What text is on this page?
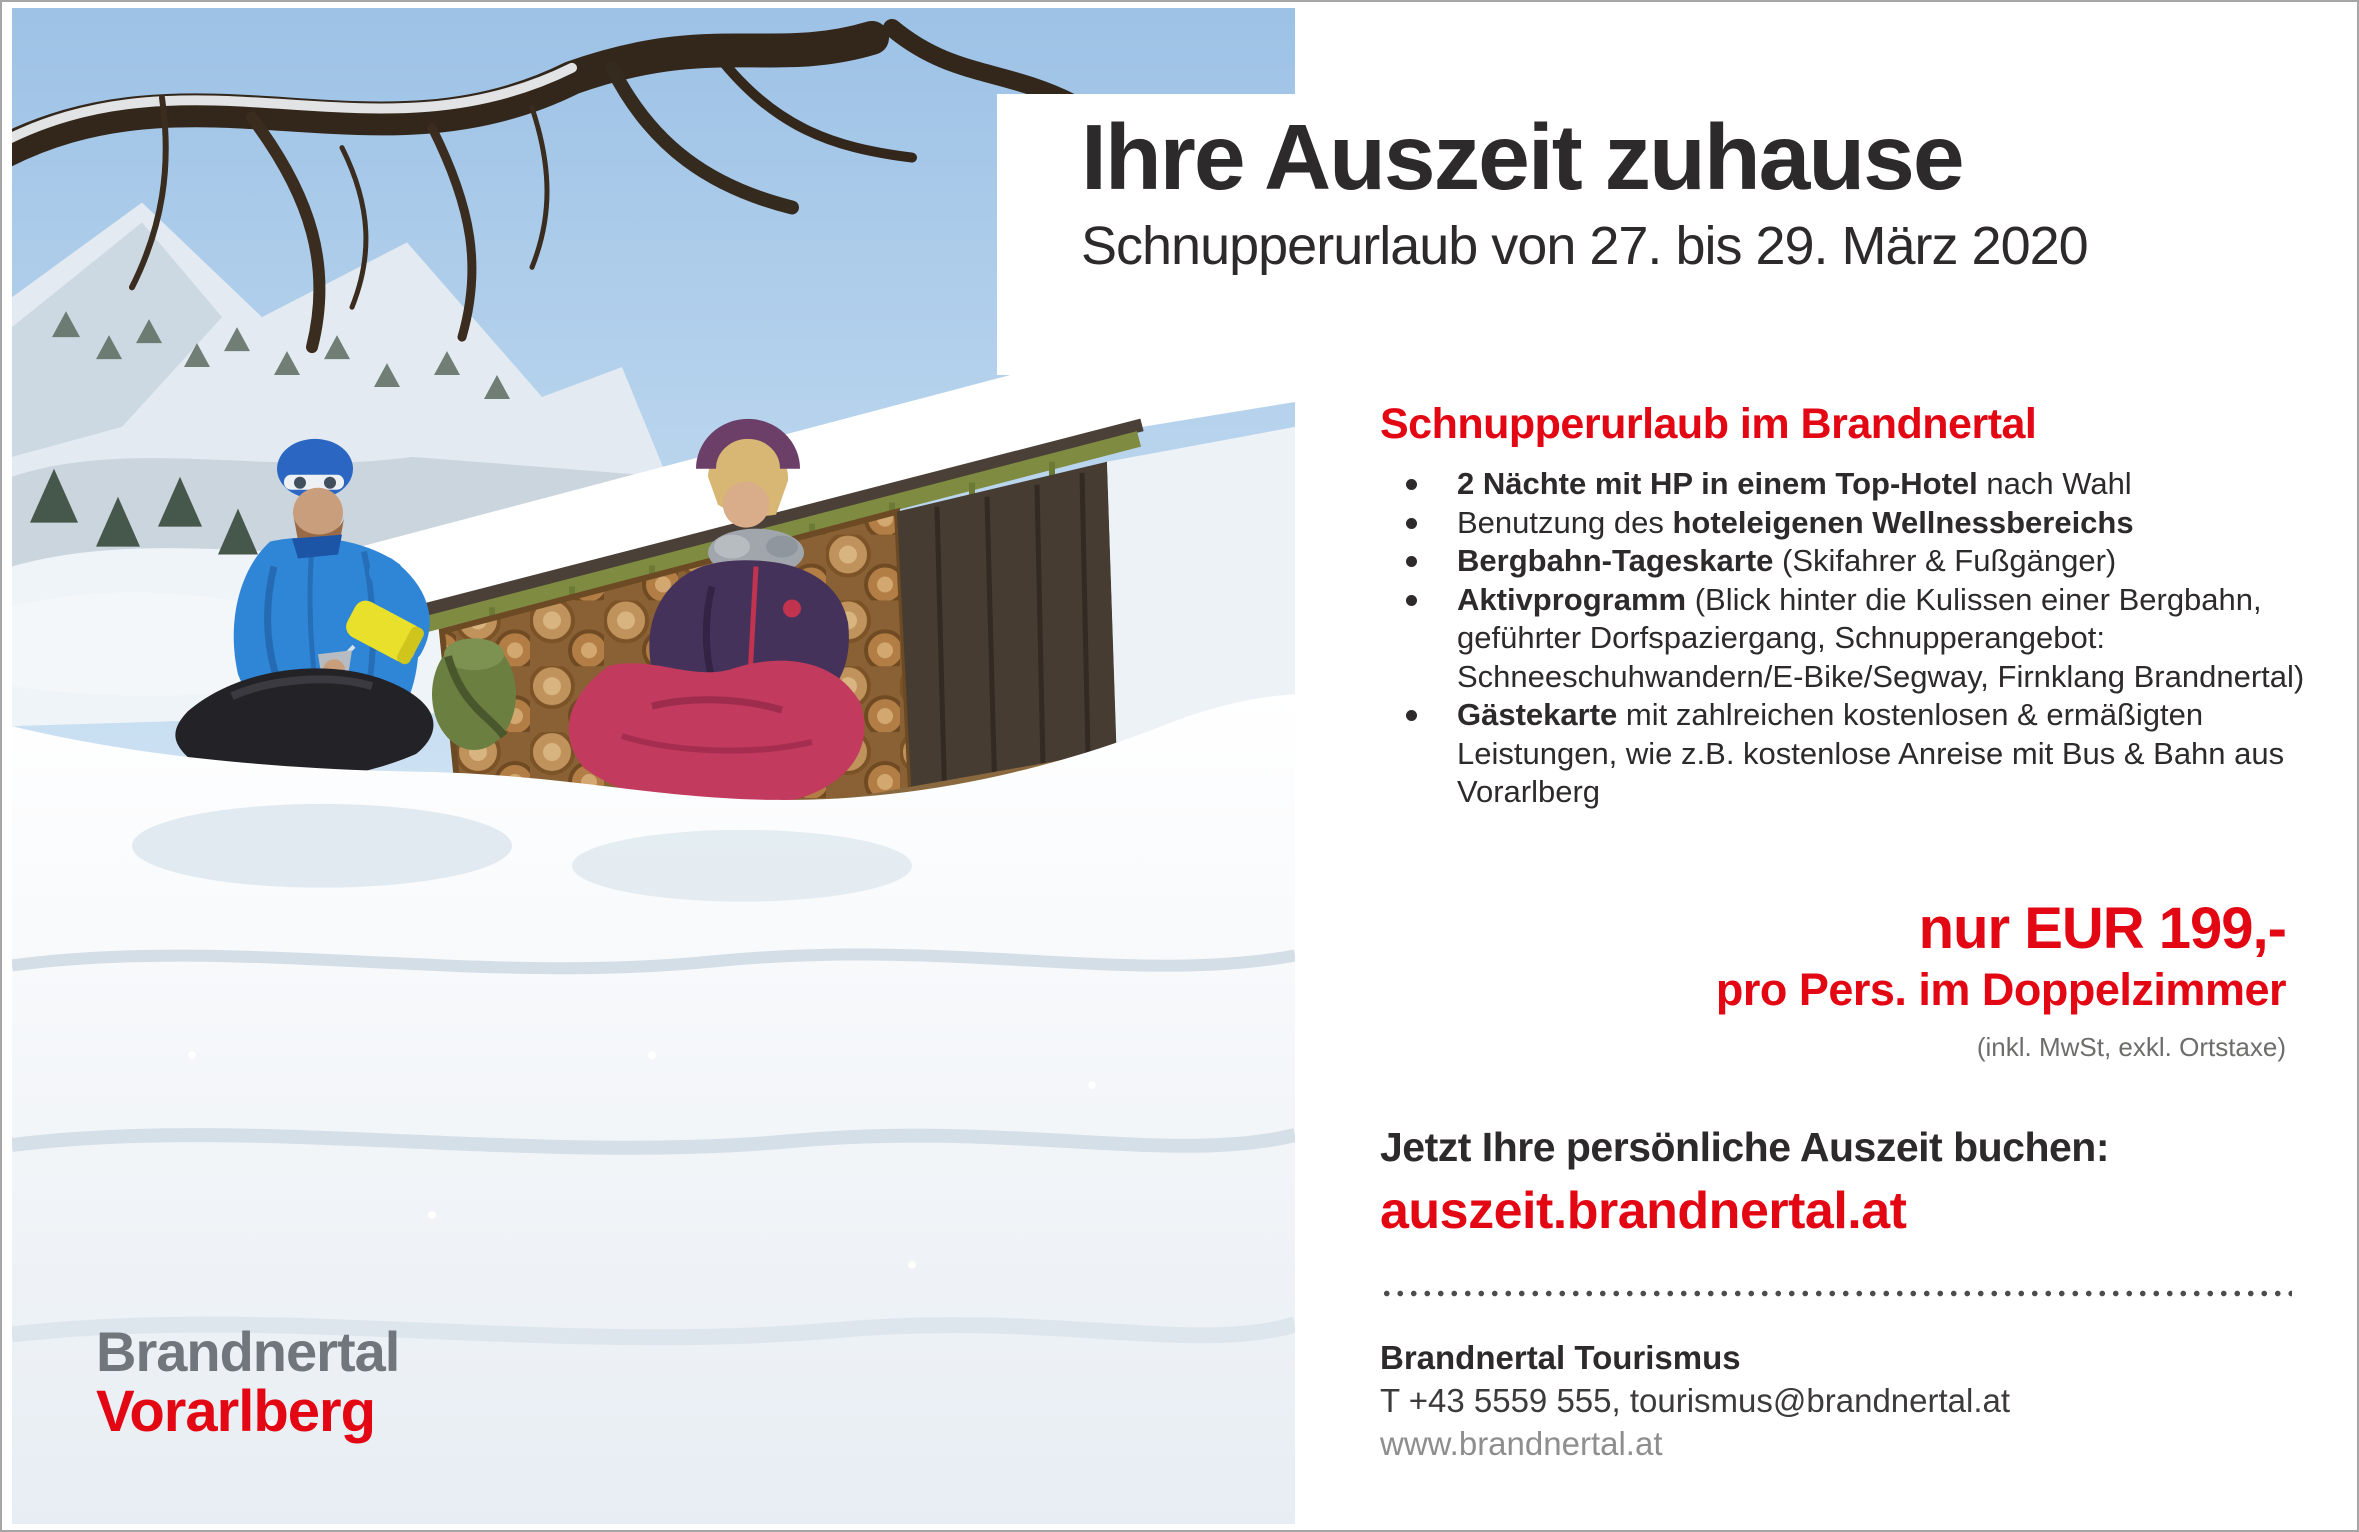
Ihre Auszeit zuhause
Schnupperurlaub von 27. bis 29. März 2020
Schnupperurlaub im Brandnertal
2 Nächte mit HP in einem Top-Hotel nach Wahl
Benutzung des hoteleigenen Wellnessbereichs
Bergbahn-Tageskarte (Skifahrer & Fußgänger)
Aktivprogramm (Blick hinter die Kulissen einer Bergbahn, geführter Dorfspaziergang, Schnupperangebot: Schneeschuhwandern/E-Bike/Segway, Firnklang Brandnertal)
Gästekarte mit zahlreichen kostenlosen & ermäßigten Leistungen, wie z.B. kostenlose Anreise mit Bus & Bahn aus Vorarlberg
nur EUR 199,-
pro Pers. im Doppelzimmer
(inkl. MwSt, exkl. Ortstaxe)
Jetzt Ihre persönliche Auszeit buchen:
auszeit.brandnertal.at
Brandnertal Tourismus
T +43 5559 555, tourismus@brandnertal.at
www.brandnertal.at
Brandnertal
Vorarlberg
